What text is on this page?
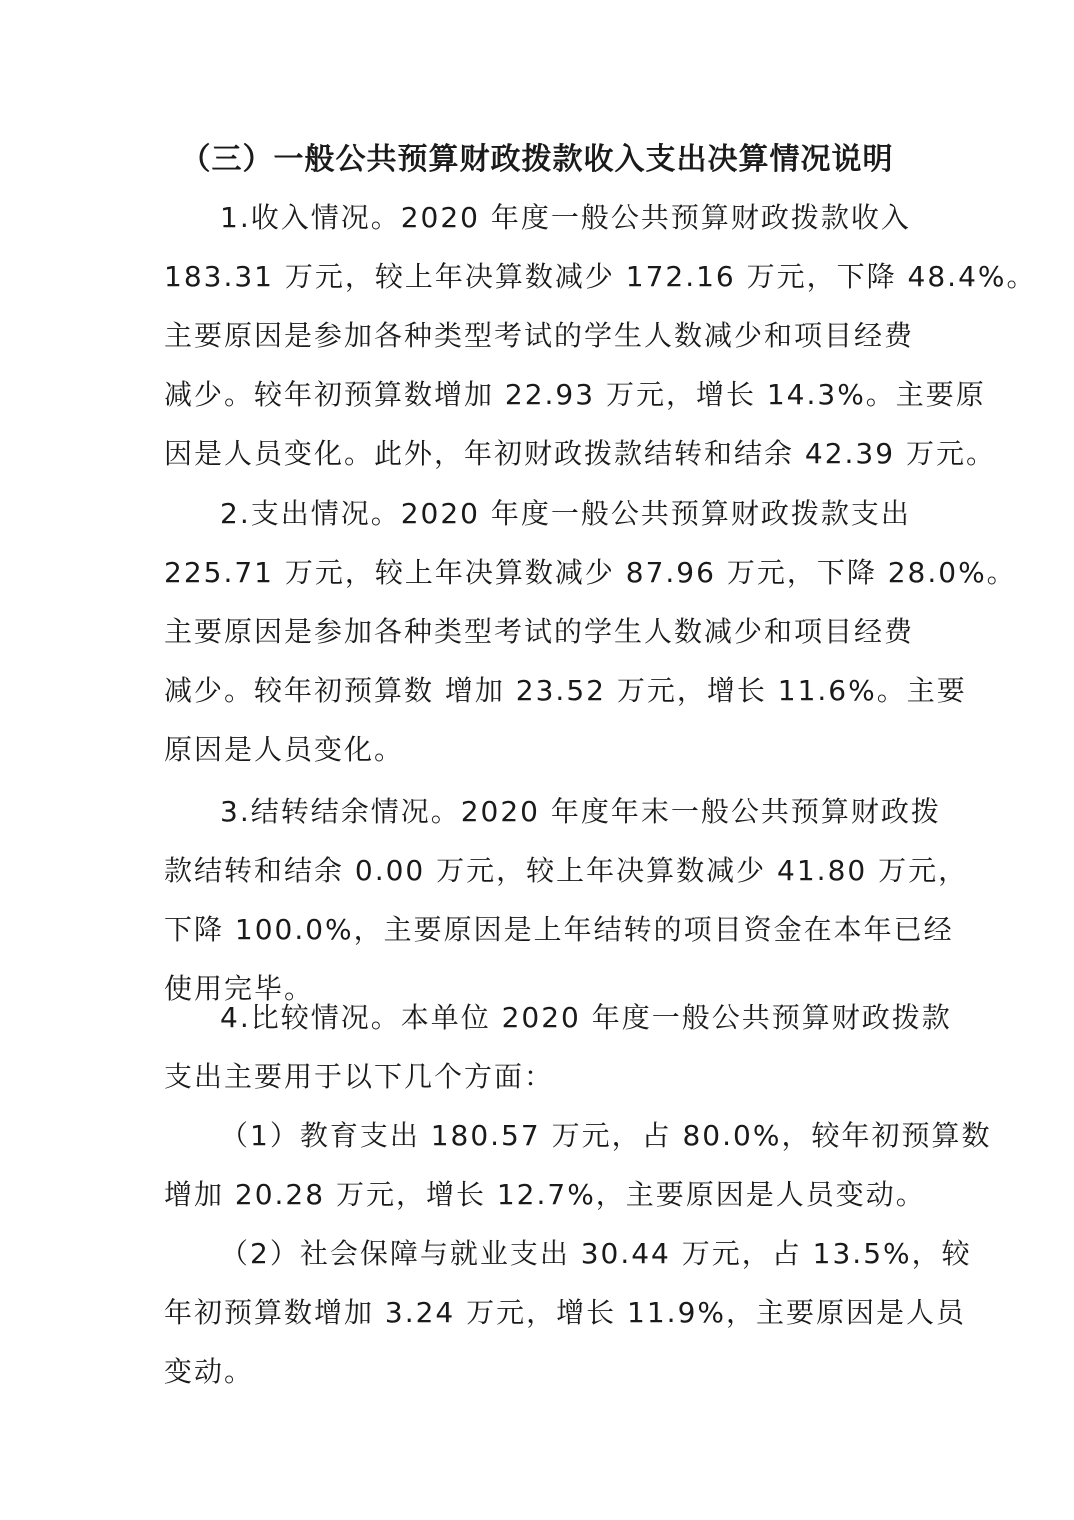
（三）一般公共预算财政拨款收入支出决算情况说明
1.收入情况。2020 年度一般公共预算财政拨款收入
183.31 万元，较上年决算数减少 172.16 万元，下降 48.4%。
主要原因是参加各种类型考试的学生人数减少和项目经费
减少。较年初预算数增加 22.93 万元，增长 14.3%。主要原
因是人员变化。此外，年初财政拨款结转和结余 42.39 万元。
2.支出情况。2020 年度一般公共预算财政拨款支出
225.71 万元，较上年决算数减少 87.96 万元，下降 28.0%。
主要原因是参加各种类型考试的学生人数减少和项目经费
减少。较年初预算数 增加 23.52 万元，增长 11.6%。主要
原因是人员变化。
3.结转结余情况。2020 年度年末一般公共预算财政拨
款结转和结余 0.00 万元，较上年决算数减少 41.80 万元，
下降 100.0%，主要原因是上年结转的项目资金在本年已经
使用完毕。
4.比较情况。本单位 2020 年度一般公共预算财政拨款
支出主要用于以下几个方面：
（1）教育支出 180.57 万元，占 80.0%，较年初预算数
增加 20.28 万元，增长 12.7%，主要原因是人员变动。
（2）社会保障与就业支出 30.44 万元，占 13.5%，较
年初预算数增加 3.24 万元，增长 11.9%，主要原因是人员
变动。
